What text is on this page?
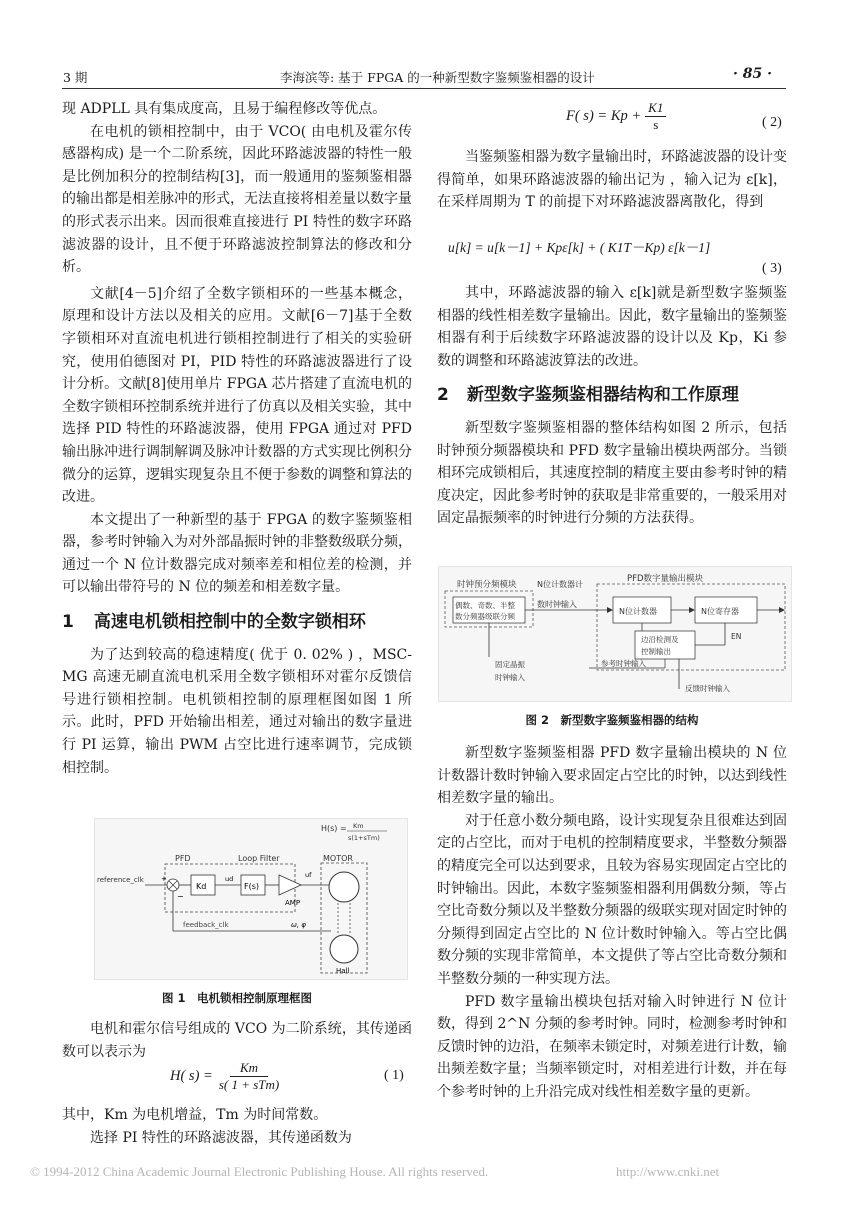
3 期	李海滨等: 基于 FPGA 的一种新型数字鉴频鉴相器的设计	· 85 ·

现 ADPLL 具有集成度高，且易于编程修改等优点。

在电机的锁相控制中，由于 VCO( 由电机及霍尔传感器构成) 是一个二阶系统，因此环路滤波器的特性一般是比例加积分的控制结构[3]，而一般通用的鉴频鉴相器的输出都是相差脉冲的形式，无法直接将相差量以数字量的形式表示出来。因而很难直接进行 PI 特性的数字环路滤波器的设计，且不便于环路滤波控制算法的修改和分析。

文献[4－5]介绍了全数字锁相环的一些基本概念，原理和设计方法以及相关的应用。文献[6－7]基于全数字锁相环对直流电机进行锁相控制进行了相关的实验研究，使用伯德图对 PI，PID 特性的环路滤波器进行了设计分析。文献[8]使用单片 FPGA 芯片搭建了直流电机的全数字锁相环控制系统并进行了仿真以及相关实验，其中选择 PID 特性的环路滤波器，使用 FPGA 通过对 PFD 输出脉冲进行调制解调及脉冲计数器的方式实现比例积分微分的运算，逻辑实现复杂且不便于参数的调整和算法的改进。

本文提出了一种新型的基于 FPGA 的数字鉴频鉴相器，参考时钟输入为对外部晶振时钟的非整数级联分频，通过一个 N 位计数器完成对频率差和相位差的检测，并可以输出带符号的 N 位的频差和相差数字量。

1 高速电机锁相控制中的全数字锁相环

为了达到较高的稳速精度( 优于 0. 02% ) ，MSC-MG 高速无刷直流电机采用全数字锁相环对霍尔反馈信号进行锁相控制。电机锁相控制的原理框图如图 1 所示。此时，PFD 开始输出相差，通过对输出的数字量进行 PI 运算，输出 PWM 占空比进行速率调节，完成锁相控制。

H(s) = Km
s(1+sTm)
PFD	Loop Filter	MOTOR
reference_clk +
−
Kd
ud
F(s)
AMP
uf
Hall
feedback_clk	ω, φ
图 1　电机锁相控制原理框图

电机和霍尔信号组成的 VCO 为二阶系统，其传递函数可以表示为

H( s) =
Km
s( 1 + sTm)
( 1)

其中，Km 为电机增益，Tm 为时间常数。

选择 PI 特性的环路滤波器，其传递函数为

F( $s) = Kp + \frac{K1}{s}$	( 2)

当鉴频鉴相器为数字量输出时，环路滤波器的设计变得简单，如果环路滤波器的输出记为 ，输入记为 ε[k]，在采样周期为 T 的前提下对环路滤波器离散化，得到

u[k] = u[k－1] + Kpε[k] + ( K1T－Kp) ε[k－1]
( 3)

其中，环路滤波器的输入 ε[k]就是新型数字鉴频鉴相器的线性相差数字量输出。因此，数字量输出的鉴频鉴相器有利于后续数字环路滤波器的设计以及 Kp，Ki 参数的调整和环路滤波算法的改进。

2 新型数字鉴频鉴相器结构和工作原理

新型数字鉴频鉴相器的整体结构如图 2 所示，包括时钟预分频器模块和 PFD 数字量输出模块两部分。当锁相环完成锁相后，其速度控制的精度主要由参考时钟的精度决定，因此参考时钟的获取是非常重要的，一般采用对固定晶振频率的时钟进行分频的方法获得。

时钟预分频模块	N位计数器计
数时钟输入
PFD数字量输出模块
偶数、奇数、半整
数分频器级联分频
N位计数器	N位寄存器
边沿检测及
控制输出
EN
参考时钟输入
固定晶振
时钟输入
反馈时钟输入
图 2　新型数字鉴频鉴相器的结构

新型数字鉴频鉴相器 PFD 数字量输出模块的 N 位计数器计数时钟输入要求固定占空比的时钟，以达到线性相差数字量的输出。

对于任意小数分频电路，设计实现复杂且很难达到固定的占空比，而对于电机的控制精度要求，半整数分频器的精度完全可以达到要求，且较为容易实现固定占空比的时钟输出。因此，本数字鉴频鉴相器利用偶数分频，等占空比奇数分频以及半整数分频器的级联实现对固定时钟的分频得到固定占空比的 N 位计数时钟输入。等占空比偶数分频的实现非常简单，本文提供了等占空比奇数分频和半整数分频的一种实现方法。

PFD 数字量输出模块包括对输入时钟进行 N 位计数，得到 2^N 分频的参考时钟。同时，检测参考时钟和反馈时钟的边沿，在频率未锁定时，对频差进行计数，输出频差数字量；当频率锁定时，对相差进行计数，并在每个参考时钟的上升沿完成对线性相差数字量的更新。

© 1994-2012 China Academic Journal Electronic Publishing House. All rights reserved.	http://www.cnki.net
